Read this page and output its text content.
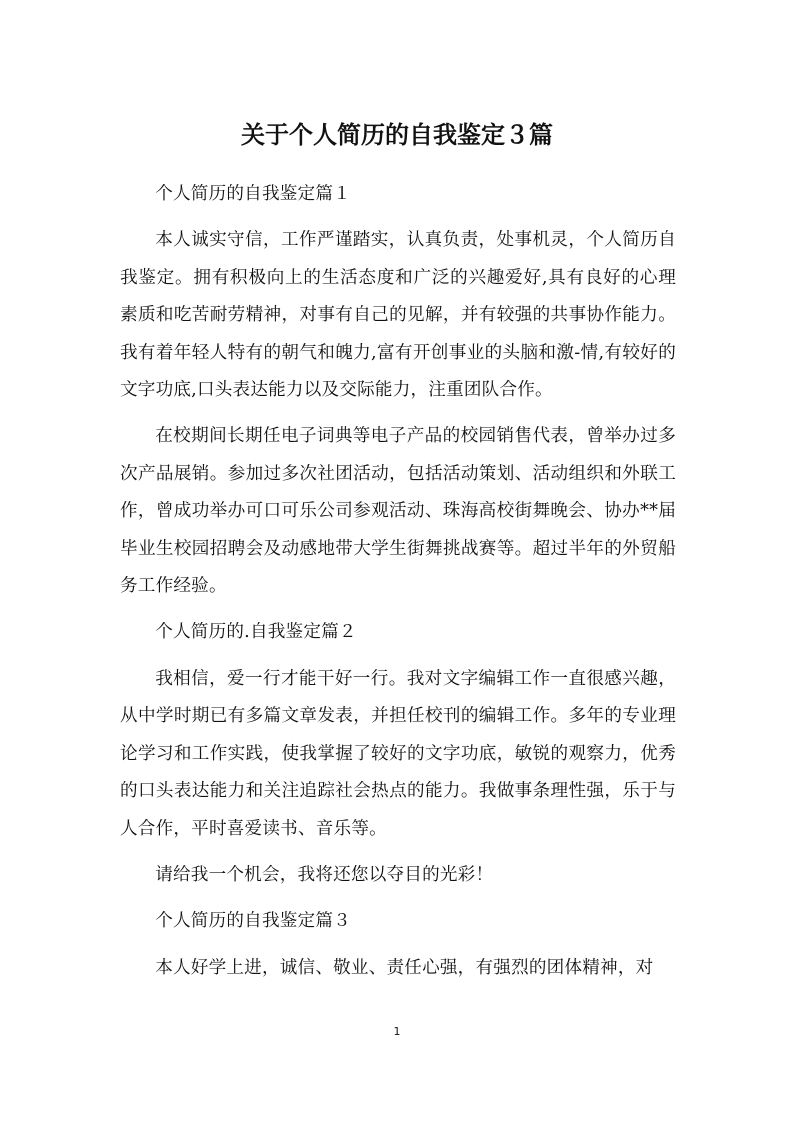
关于个人简历的自我鉴定３篇

个人简历的自我鉴定篇１

本人诚实守信，工作严谨踏实，认真负责，处事机灵，个人简历自我鉴定。拥有积极向上的生活态度和广泛的兴趣爱好,具有良好的心理素质和吃苦耐劳精神，对事有自己的见解，并有较强的共事协作能力。我有着年轻人特有的朝气和魄力,富有开创事业的头脑和激-情,有较好的文字功底,口头表达能力以及交际能力，注重团队合作。

在校期间长期任电子词典等电子产品的校园销售代表，曾举办过多次产品展销。参加过多次社团活动，包括活动策划、活动组织和外联工作，曾成功举办可口可乐公司参观活动、珠海高校街舞晚会、协办**届毕业生校园招聘会及动感地带大学生街舞挑战赛等。超过半年的外贸船务工作经验。

个人简历的.自我鉴定篇２

我相信，爱一行才能干好一行。我对文字编辑工作一直很感兴趣，从中学时期已有多篇文章发表，并担任校刊的编辑工作。多年的专业理论学习和工作实践，使我掌握了较好的文字功底，敏锐的观察力，优秀的口头表达能力和关注追踪社会热点的能力。我做事条理性强，乐于与人合作，平时喜爱读书、音乐等。

请给我一个机会，我将还您以夺目的光彩！

个人简历的自我鉴定篇３

本人好学上进，诚信、敬业、责任心强，有强烈的团体精神，对

1
